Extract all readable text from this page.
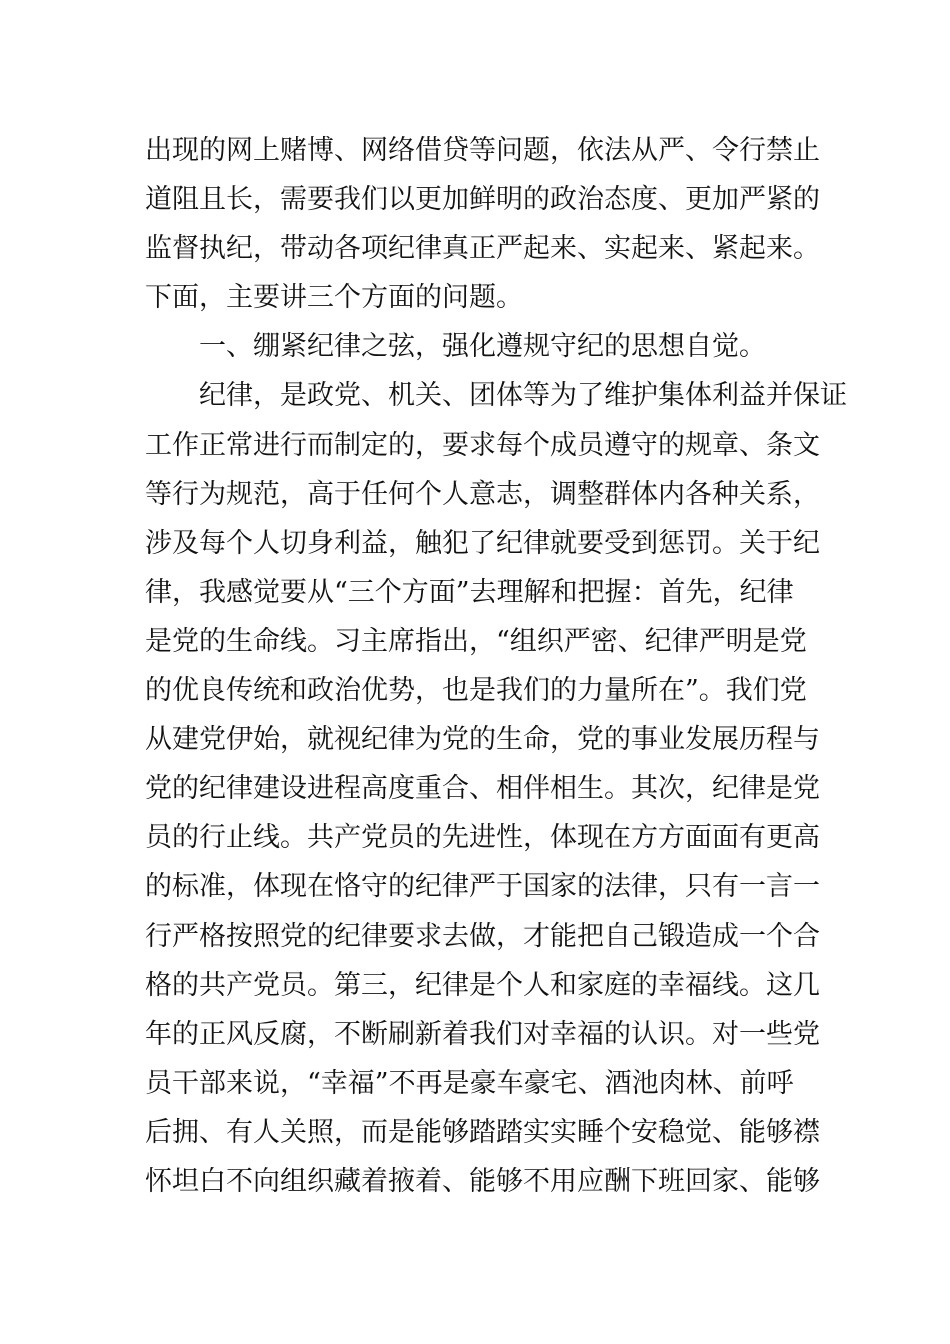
出现的网上赌博、网络借贷等问题，依法从严、令行禁止
道阻且长，需要我们以更加鲜明的政治态度、更加严紧的
监督执纪，带动各项纪律真正严起来、实起来、紧起来。
下面，主要讲三个方面的问题。
一、绷紧纪律之弦，强化遵规守纪的思想自觉。
纪律，是政党、机关、团体等为了维护集体利益并保证
工作正常进行而制定的，要求每个成员遵守的规章、条文
等行为规范，高于任何个人意志，调整群体内各种关系，
涉及每个人切身利益，触犯了纪律就要受到惩罚。关于纪
律，我感觉要从“三个方面”去理解和把握：首先，纪律
是党的生命线。习主席指出，“组织严密、纪律严明是党
的优良传统和政治优势，也是我们的力量所在”。我们党
从建党伊始，就视纪律为党的生命，党的事业发展历程与
党的纪律建设进程高度重合、相伴相生。其次，纪律是党
员的行止线。共产党员的先进性，体现在方方面面有更高
的标准，体现在恪守的纪律严于国家的法律，只有一言一
行严格按照党的纪律要求去做，才能把自己锻造成一个合
格的共产党员。第三，纪律是个人和家庭的幸福线。这几
年的正风反腐，不断刷新着我们对幸福的认识。对一些党
员干部来说，“幸福”不再是豪车豪宅、酒池肉林、前呼
后拥、有人关照，而是能够踏踏实实睡个安稳觉、能够襟
怀坦白不向组织藏着掖着、能够不用应酬下班回家、能够
